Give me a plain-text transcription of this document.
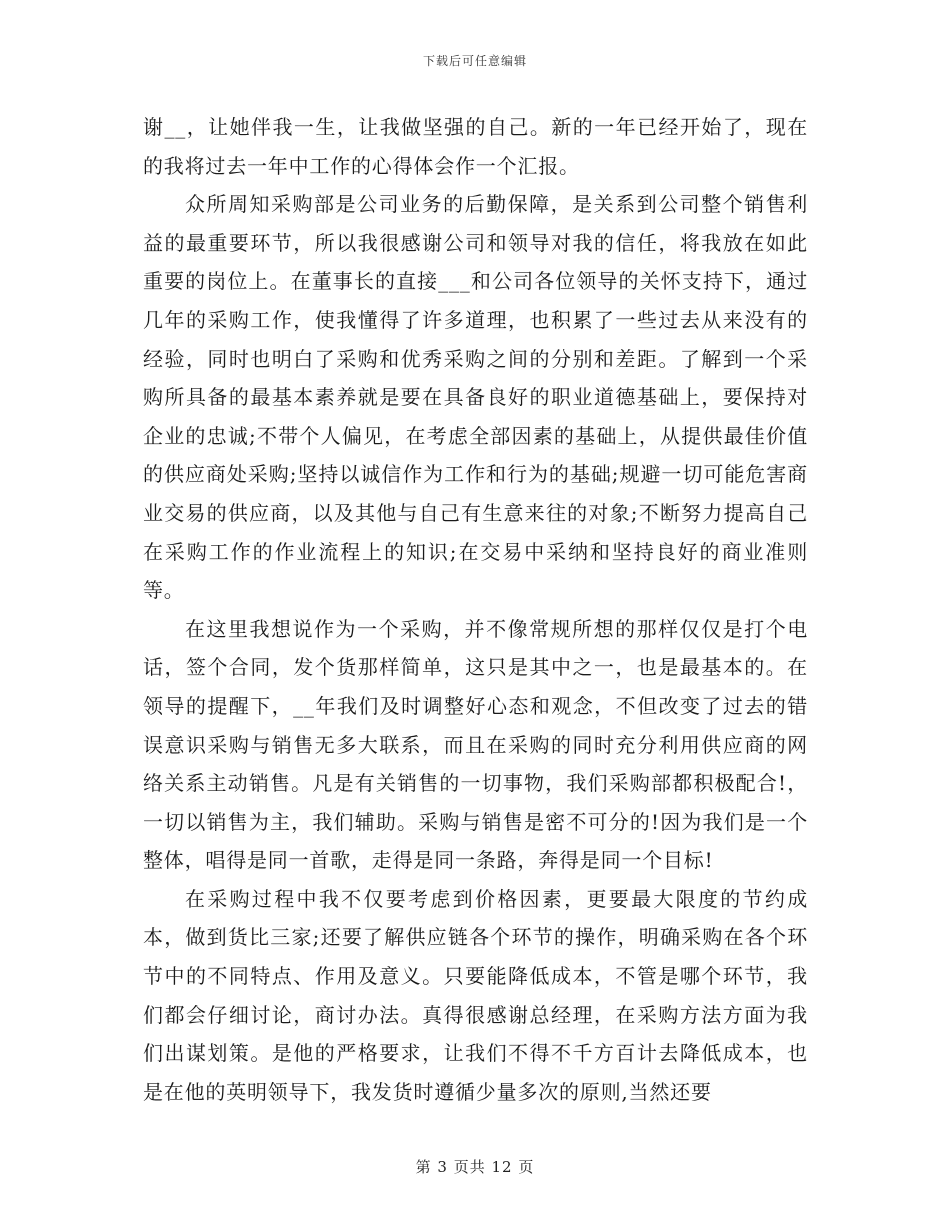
下载后可任意编辑

谢__，让她伴我一生，让我做坚强的自己。新的一年已经开始了，现在的我将过去一年中工作的心得体会作一个汇报。

众所周知采购部是公司业务的后勤保障，是关系到公司整个销售利益的最重要环节，所以我很感谢公司和领导对我的信任，将我放在如此重要的岗位上。在董事长的直接___和公司各位领导的关怀支持下，通过几年的采购工作，使我懂得了许多道理，也积累了一些过去从来没有的经验，同时也明白了采购和优秀采购之间的分别和差距。了解到一个采购所具备的最基本素养就是要在具备良好的职业道德基础上，要保持对企业的忠诚;不带个人偏见，在考虑全部因素的基础上，从提供最佳价值的供应商处采购;坚持以诚信作为工作和行为的基础;规避一切可能危害商业交易的供应商，以及其他与自己有生意来往的对象;不断努力提高自己在采购工作的作业流程上的知识;在交易中采纳和坚持良好的商业准则等。

在这里我想说作为一个采购，并不像常规所想的那样仅仅是打个电话，签个合同，发个货那样简单，这只是其中之一，也是最基本的。在领导的提醒下，__年我们及时调整好心态和观念，不但改变了过去的错误意识采购与销售无多大联系，而且在采购的同时充分利用供应商的网络关系主动销售。凡是有关销售的一切事物，我们采购部都积极配合!，一切以销售为主，我们辅助。采购与销售是密不可分的!因为我们是一个整体，唱得是同一首歌，走得是同一条路，奔得是同一个目标!

在采购过程中我不仅要考虑到价格因素，更要最大限度的节约成本，做到货比三家;还要了解供应链各个环节的操作，明确采购在各个环节中的不同特点、作用及意义。只要能降低成本，不管是哪个环节，我们都会仔细讨论，商讨办法。真得很感谢总经理，在采购方法方面为我们出谋划策。是他的严格要求，让我们不得不千方百计去降低成本，也是在他的英明领导下，我发货时遵循少量多次的原则,当然还要

第 3 页共 12 页
